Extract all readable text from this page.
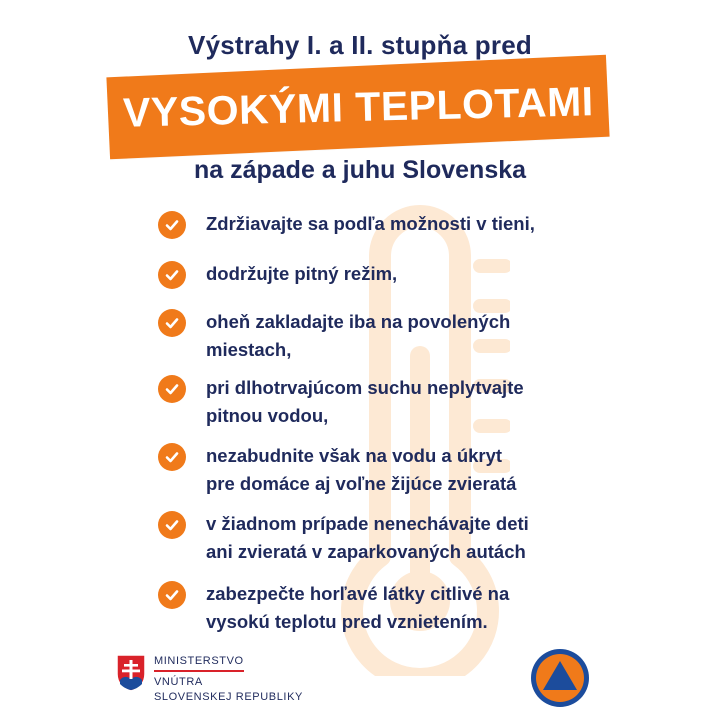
Výstrahy I. a II. stupňa pred
VYSOKÝMI TEPLOTAMI
na západe a juhu Slovenska
Zdržiavajte sa podľa možnosti v tieni,
dodržujte pitný režim,
oheň zakladajte iba na povolených
miestach,
pri dlhotrvajúcom suchu neplytvajte
pitnou vodou,
nezabudnite však na vodu a úkryt
pre domáce aj voľne žijúce zvieratá
v žiadnom prípade nenechávajte deti
ani zvieratá v zaparkovaných autách
zabezpečte horľavé látky citlivé na
vysokú teplotu pred vznietením.
MINISTERSTVO
VNÚTRA
SLOVENSKEJ REPUBLIKY
